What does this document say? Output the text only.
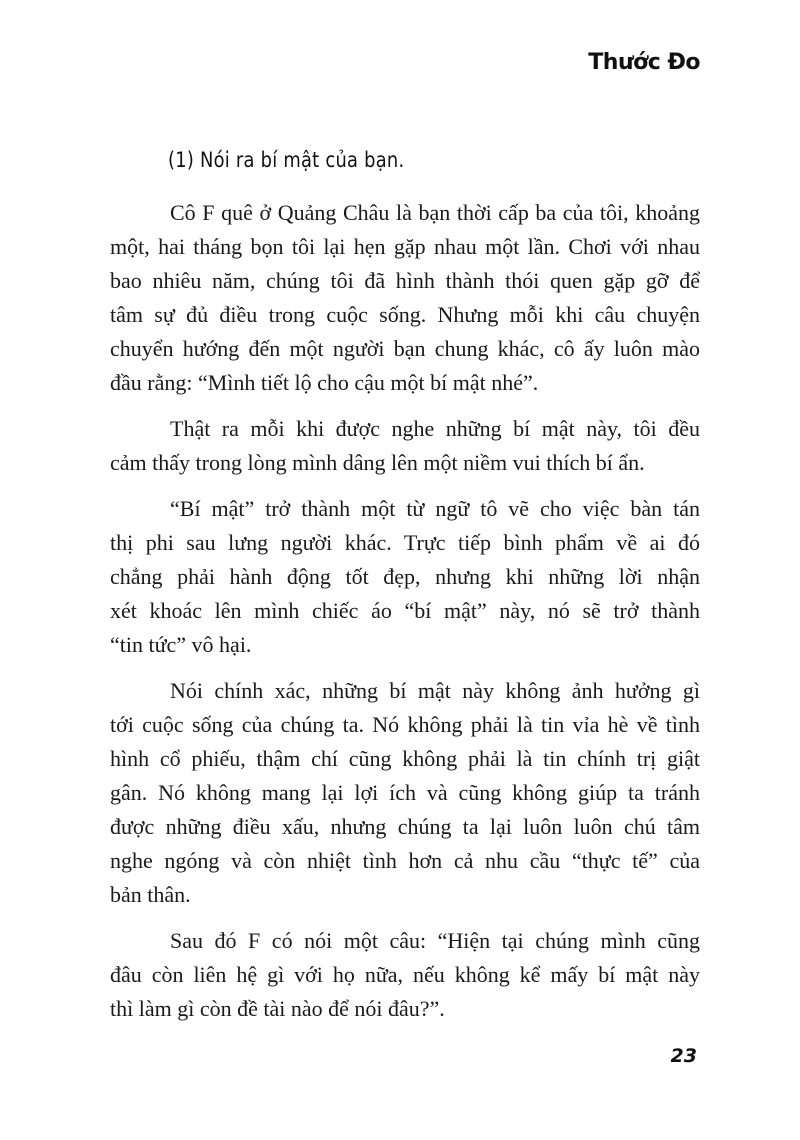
Thước Đo
(1) Nói ra bí mật của bạn.
Cô F quê ở Quảng Châu là bạn thời cấp ba của tôi, khoảng
một, hai tháng bọn tôi lại hẹn gặp nhau một lần. Chơi với nhau
bao nhiêu năm, chúng tôi đã hình thành thói quen gặp gỡ để
tâm sự đủ điều trong cuộc sống. Nhưng mỗi khi câu chuyện
chuyển hướng đến một người bạn chung khác, cô ấy luôn mào
đầu rằng: “Mình tiết lộ cho cậu một bí mật nhé”.
Thật ra mỗi khi được nghe những bí mật này, tôi đều
cảm thấy trong lòng mình dâng lên một niềm vui thích bí ẩn.
“Bí mật” trở thành một từ ngữ tô vẽ cho việc bàn tán
thị phi sau lưng người khác. Trực tiếp bình phẩm về ai đó
chẳng phải hành động tốt đẹp, nhưng khi những lời nhận
xét khoác lên mình chiếc áo “bí mật” này, nó sẽ trở thành
“tin tức” vô hại.
Nói chính xác, những bí mật này không ảnh hưởng gì
tới cuộc sống của chúng ta. Nó không phải là tin vỉa hè về tình
hình cổ phiếu, thậm chí cũng không phải là tin chính trị giật
gân. Nó không mang lại lợi ích và cũng không giúp ta tránh
được những điều xấu, nhưng chúng ta lại luôn luôn chú tâm
nghe ngóng và còn nhiệt tình hơn cả nhu cầu “thực tế” của
bản thân.
Sau đó F có nói một câu: “Hiện tại chúng mình cũng
đâu còn liên hệ gì với họ nữa, nếu không kể mấy bí mật này
thì làm gì còn đề tài nào để nói đâu?”.
23
